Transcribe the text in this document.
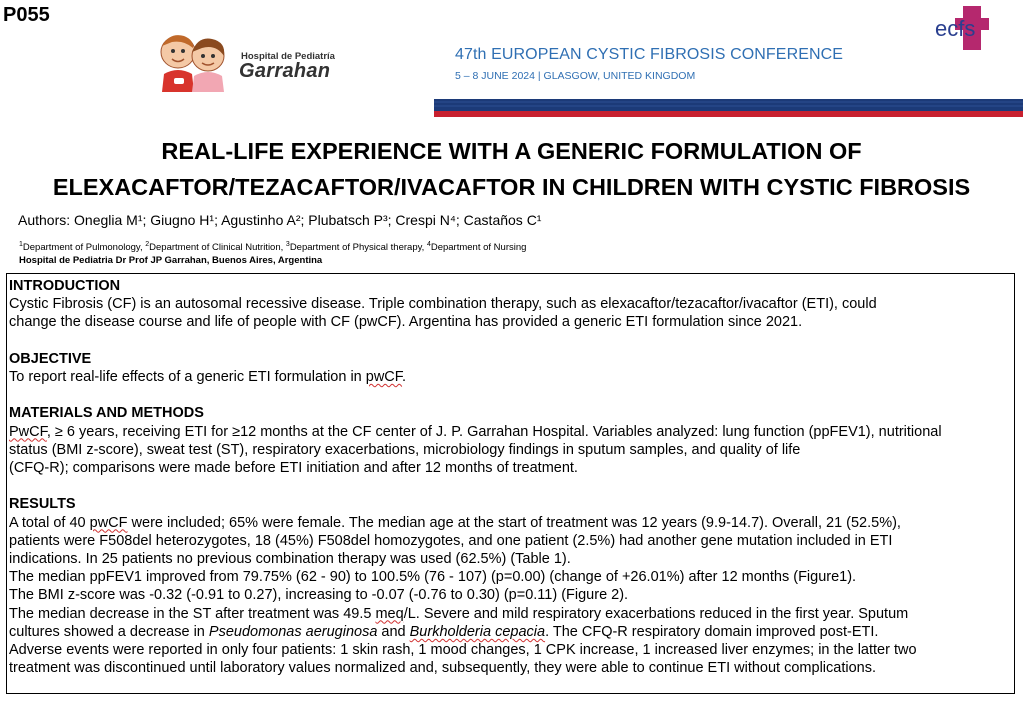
P055
Hospital de Pediatría
Garrahan
47th EUROPEAN CYSTIC FIBROSIS CONFERENCE
5 – 8 JUNE 2024 | GLASGOW, UNITED KINGDOM
ecfs
REAL-LIFE EXPERIENCE WITH A GENERIC FORMULATION OF
ELEXACAFTOR/TEZACAFTOR/IVACAFTOR IN CHILDREN WITH CYSTIC FIBROSIS
Authors: Oneglia M¹; Giugno H¹; Agustinho A²; Plubatsch P³; Crespi N⁴; Castaños C¹
$^1$Department of Pulmonology, $^2$Department of Clinical Nutrition, $^3$Department of Physical therapy, $^4$Department of Nursing
Hospital de Pediatria Dr Prof JP Garrahan, Buenos Aires, Argentina
INTRODUCTION
Cystic Fibrosis (CF) is an autosomal recessive disease. Triple combination therapy, such as elexacaftor/tezacaftor/ivacaftor (ETI), could
change the disease course and life of people with CF (pwCF). Argentina has provided a generic ETI formulation since 2021.
OBJECTIVE
To report real-life effects of a generic ETI formulation in pwCF.
MATERIALS AND METHODS
PwCF, ≥ 6 years, receiving ETI for ≥12 months at the CF center of J. P. Garrahan Hospital. Variables analyzed: lung function (ppFEV1), nutritional
status (BMI z-score), sweat test (ST), respiratory exacerbations, microbiology findings in sputum samples, and quality of life
(CFQ-R); comparisons were made before ETI initiation and after 12 months of treatment.
RESULTS
A total of 40 pwCF were included; 65% were female. The median age at the start of treatment was 12 years (9.9-14.7). Overall, 21 (52.5%),
patients were F508del heterozygotes, 18 (45%) F508del homozygotes, and one patient (2.5%) had another gene mutation included in ETI
indications. In 25 patients no previous combination therapy was used (62.5%) (Table 1).
The median ppFEV1 improved from 79.75% (62 - 90) to 100.5% (76 - 107) (p=0.00) (change of +26.01%) after 12 months (Figure1).
The BMI z-score was -0.32 (-0.91 to 0.27), increasing to -0.07 (-0.76 to 0.30) (p=0.11) (Figure 2).
The median decrease in the ST after treatment was 49.5 meq/L. Severe and mild respiratory exacerbations reduced in the first year. Sputum
cultures showed a decrease in Pseudomonas aeruginosa and Burkholderia cepacia. The CFQ-R respiratory domain improved post-ETI.
Adverse events were reported in only four patients: 1 skin rash, 1 mood changes, 1 CPK increase, 1 increased liver enzymes; in the latter two
treatment was discontinued until laboratory values normalized and, subsequently, they were able to continue ETI without complications.
